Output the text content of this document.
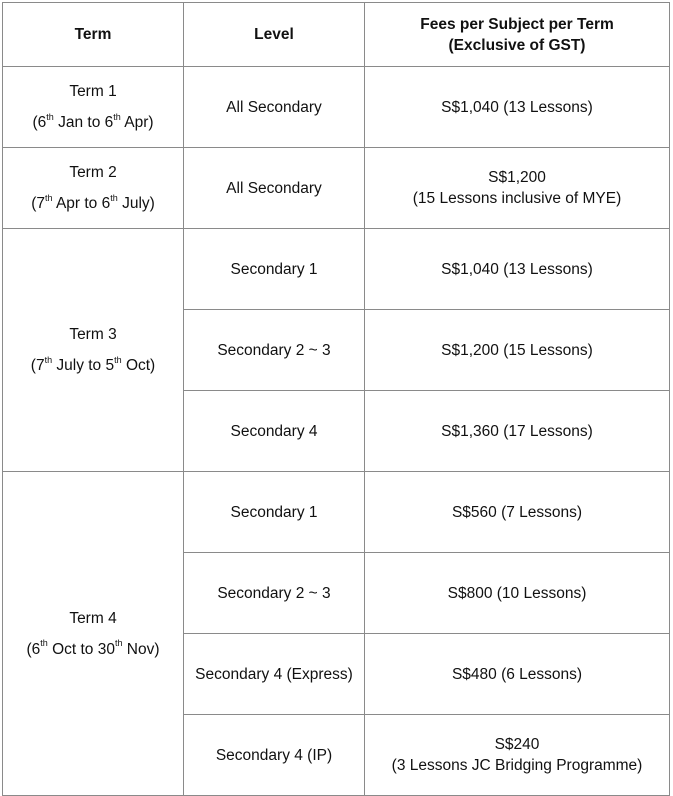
Term	Level	Fees per Subject per Term
(Exclusive of GST)

Term 1
(6th Jan to 6th Apr)	All Secondary	S$1,040 (13 Lessons)

Term 2
(7th Apr to 6th July)	All Secondary	S$1,200
(15 Lessons inclusive of MYE)

Term 3
(7th July to 5th Oct)	Secondary 1	S$1,040 (13 Lessons)

	Secondary 2 ~ 3	S$1,200 (15 Lessons)

	Secondary 4	S$1,360 (17 Lessons)

Term 4
(6th Oct to 30th Nov)	Secondary 1	S$560 (7 Lessons)

	Secondary 2 ~ 3	S$800 (10 Lessons)

	Secondary 4 (Express)	S$480 (6 Lessons)

	Secondary 4 (IP)	S$240
(3 Lessons JC Bridging Programme)
